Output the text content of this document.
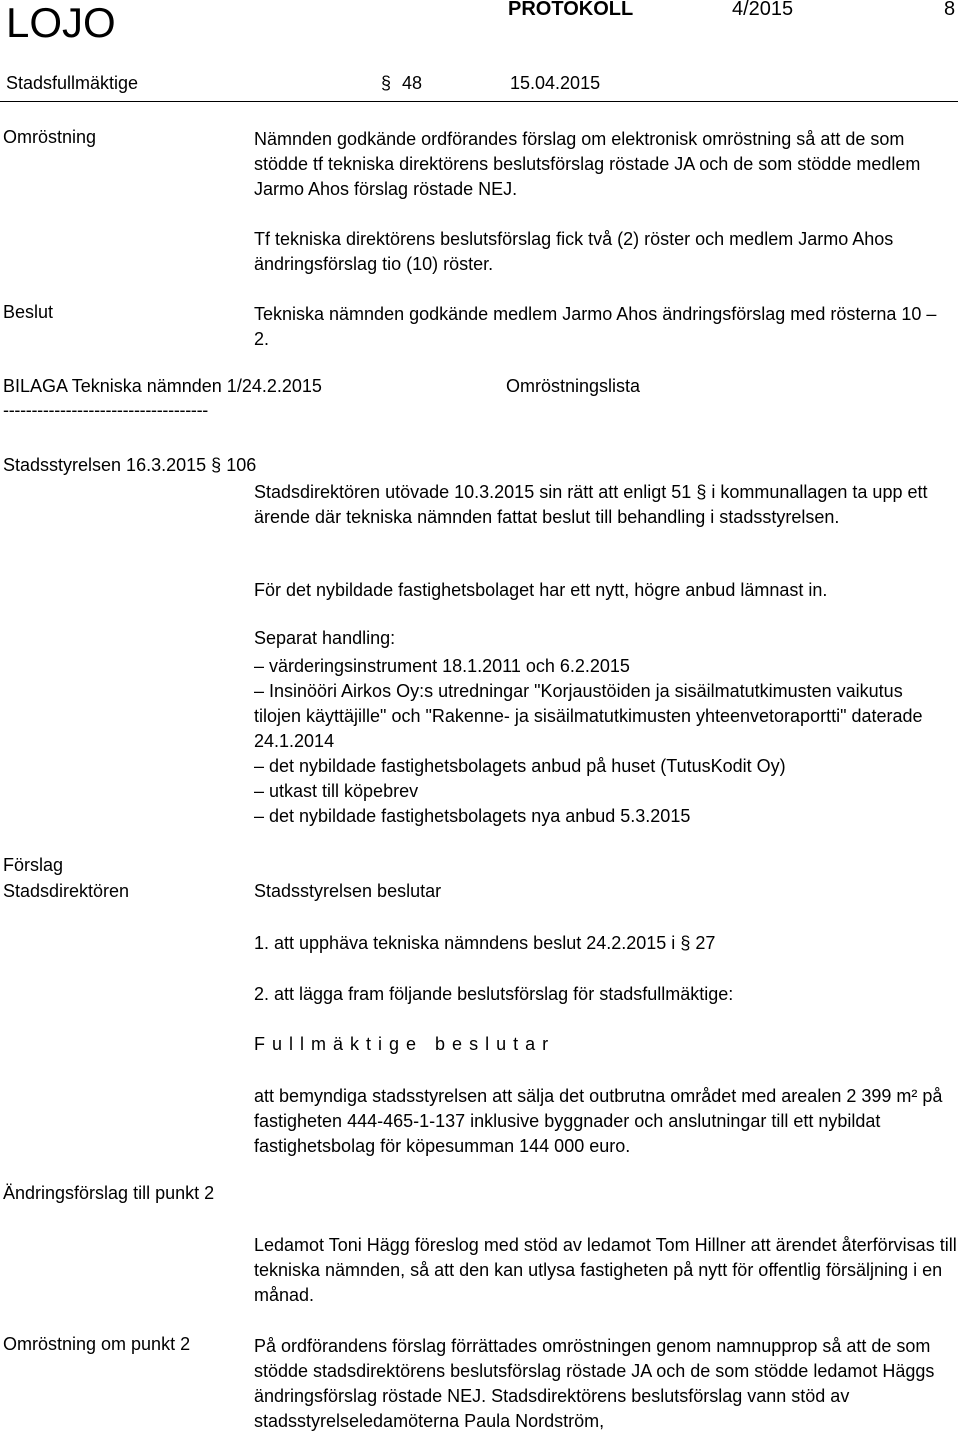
LOJO	PROTOKOLL	4/2015	8
Stadsfullmäktige	§ 48	15.04.2015
Omröstning	Nämnden godkände ordförandes förslag om elektronisk omröstning så att de som stödde tf tekniska direktörens beslutsförslag röstade JA och de som stödde medlem Jarmo Ahos förslag röstade NEJ.
Tf tekniska direktörens beslutsförslag fick två (2) röster och medlem Jarmo Ahos ändringsförslag tio (10) röster.
Beslut	Tekniska nämnden godkände medlem Jarmo Ahos ändringsförslag med rösterna 10 – 2.
BILAGA Tekniska nämnden 1/24.2.2015	Omröstningslista
------------------------------------
Stadsstyrelsen 16.3.2015 § 106
Stadsdirektören utövade 10.3.2015 sin rätt att enligt 51 § i kommunallagen ta upp ett ärende där tekniska nämnden fattat beslut till behandling i stadsstyrelsen.
För det nybildade fastighetsbolaget har ett nytt, högre anbud lämnast in.
Separat handling:
– värderingsinstrument 18.1.2011 och 6.2.2015
– Insinööri Airkos Oy:s utredningar "Korjaustöiden ja sisäilmatutkimusten vaikutus tilojen käyttäjille" och "Rakenne- ja sisäilmatutkimusten yhteenvetoraportti" daterade 24.1.2014
– det nybildade fastighetsbolagets anbud på huset (TutusKodit Oy)
– utkast till köpebrev
– det nybildade fastighetsbolagets nya anbud 5.3.2015
Förslag
Stadsdirektören	Stadsstyrelsen beslutar
1. att upphäva tekniska nämndens beslut 24.2.2015 i § 27
2. att lägga fram följande beslutsförslag för stadsfullmäktige:
F u l l m ä k t i g e   b e s l u t a r
att bemyndiga stadsstyrelsen att sälja det outbrutna området med arealen 2 399 m² på fastigheten 444-465-1-137 inklusive byggnader och anslutningar till ett nybildat fastighetsbolag för köpesumman 144 000 euro.
Ändringsförslag till punkt 2
Ledamot Toni Hägg föreslog med stöd av ledamot Tom Hillner att ärendet återförvisas till tekniska nämnden, så att den kan utlysa fastigheten på nytt för offentlig försäljning i en månad.
Omröstning om punkt 2	På ordförandens förslag förrättades omröstningen genom namnupprop så att de som stödde stadsdirektörens beslutsförslag röstade JA och de som stödde ledamot Häggs ändringsförslag röstade NEJ. Stadsdirektörens beslutsförslag vann stöd av stadsstyrelseledamöterna Paula Nordström,
